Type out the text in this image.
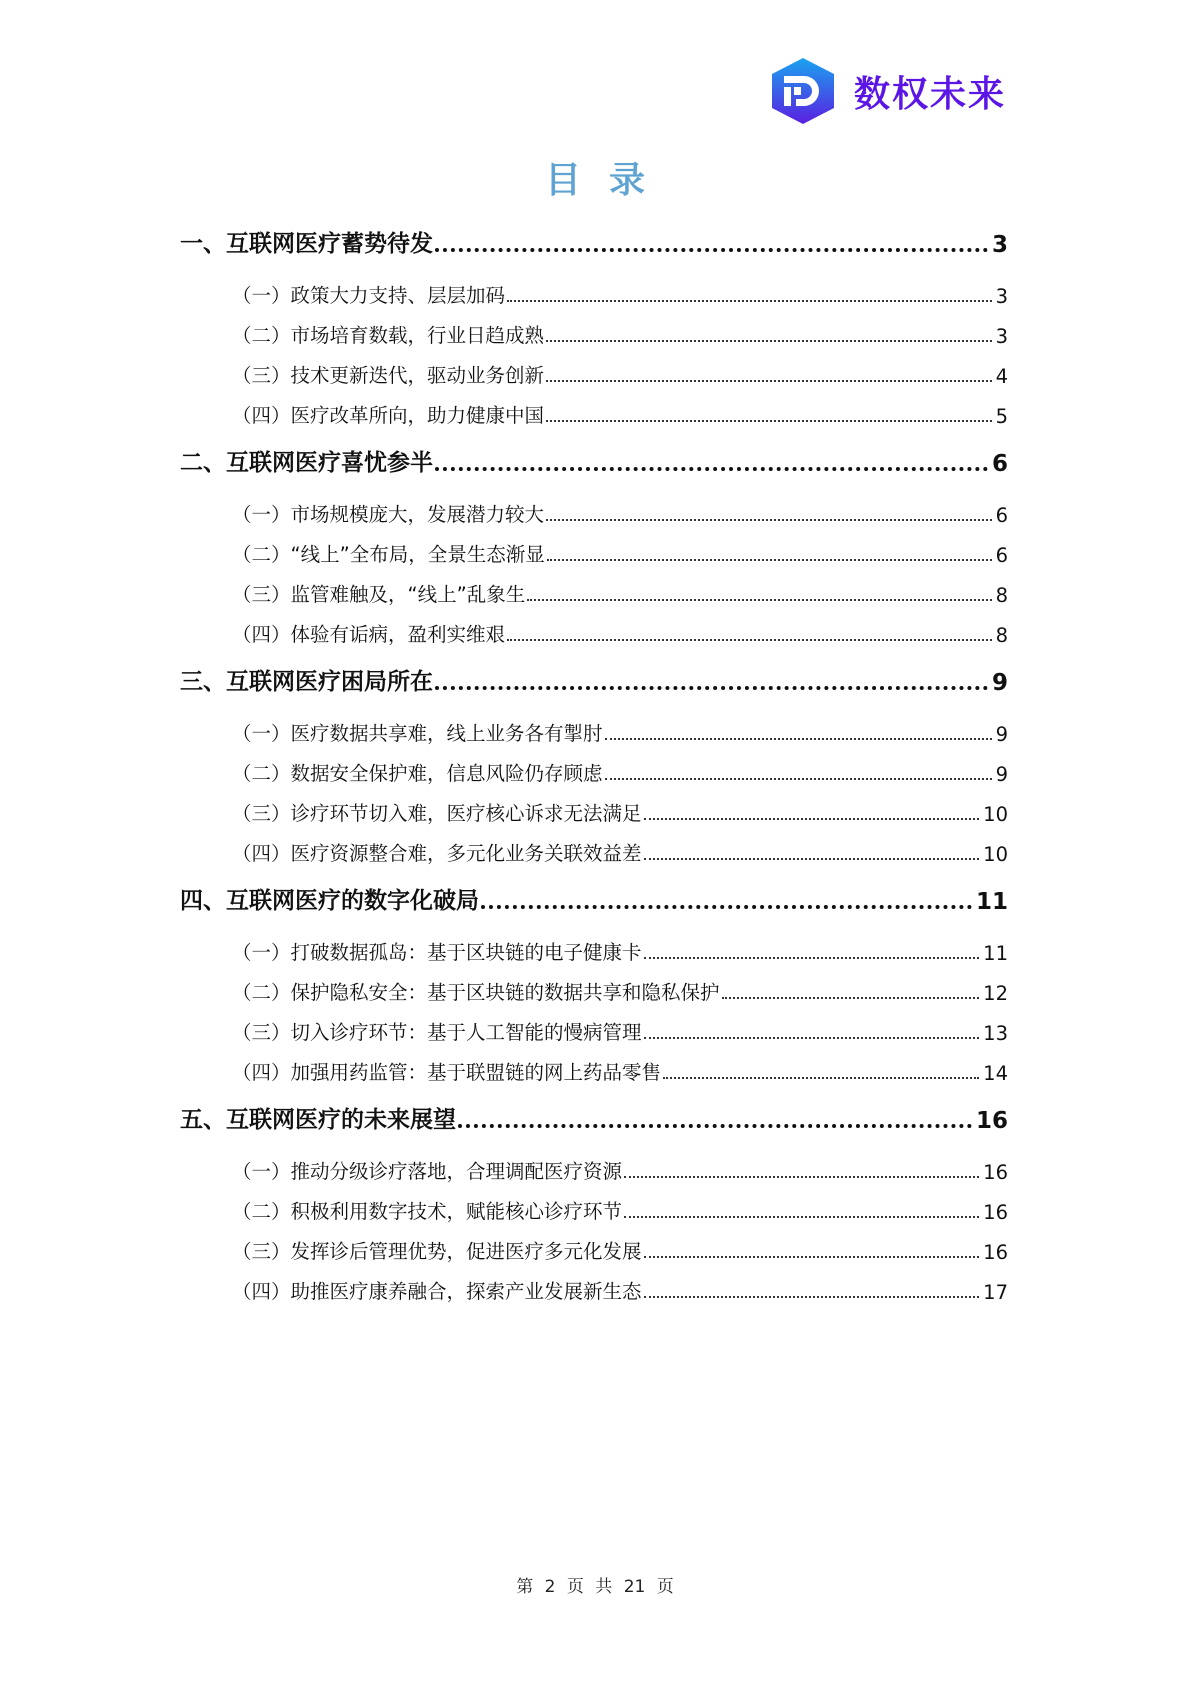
数权未来
目录
一、互联网医疗蓄势待发	3
（一）政策大力支持、层层加码	3
（二）市场培育数载，行业日趋成熟	3
（三）技术更新迭代，驱动业务创新	4
（四）医疗改革所向，助力健康中国	5
二、互联网医疗喜忧参半	6
（一）市场规模庞大，发展潜力较大	6
（二）“线上”全布局，全景生态渐显	6
（三）监管难触及，“线上”乱象生	8
（四）体验有诟病，盈利实维艰	8
三、互联网医疗困局所在	9
（一）医疗数据共享难，线上业务各有掣肘	9
（二）数据安全保护难，信息风险仍存顾虑	9
（三）诊疗环节切入难，医疗核心诉求无法满足	10
（四）医疗资源整合难，多元化业务关联效益差	10
四、互联网医疗的数字化破局	11
（一）打破数据孤岛：基于区块链的电子健康卡	11
（二）保护隐私安全：基于区块链的数据共享和隐私保护	12
（三）切入诊疗环节：基于人工智能的慢病管理	13
（四）加强用药监管：基于联盟链的网上药品零售	14
五、互联网医疗的未来展望	16
（一）推动分级诊疗落地，合理调配医疗资源	16
（二）积极利用数字技术，赋能核心诊疗环节	16
（三）发挥诊后管理优势，促进医疗多元化发展	16
（四）助推医疗康养融合，探索产业发展新生态	17
第 2 页 共 21 页
